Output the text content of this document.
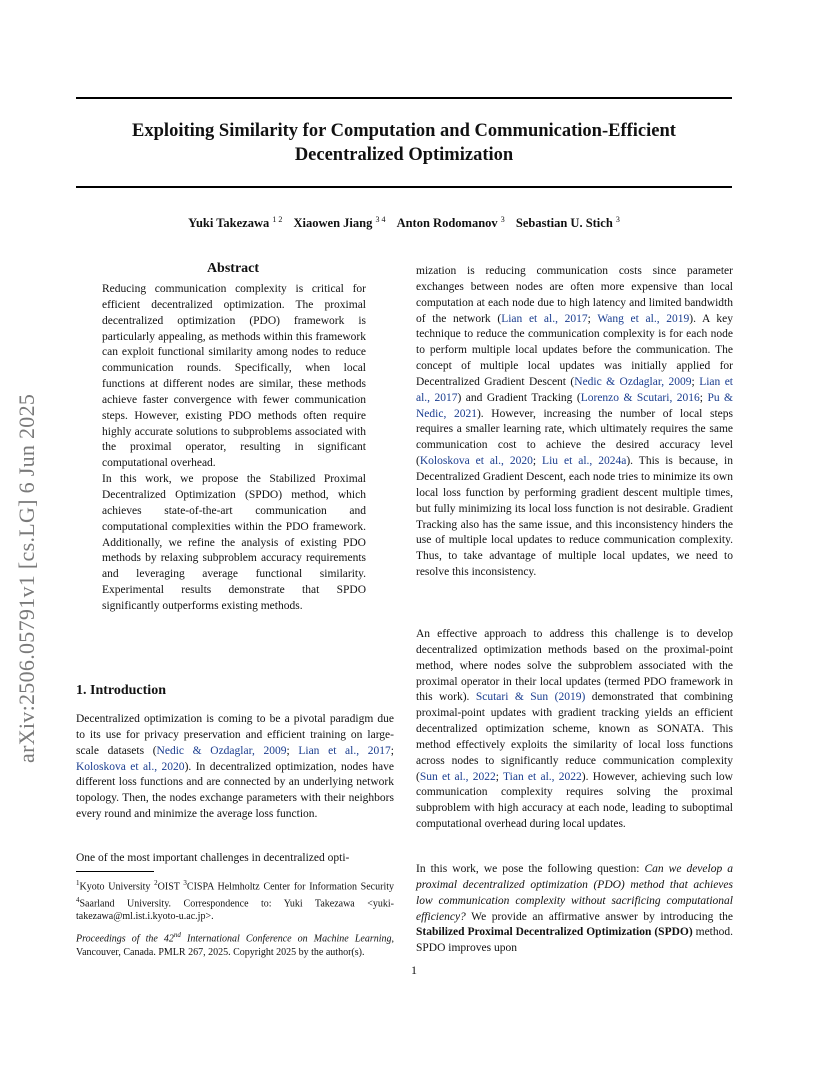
Exploiting Similarity for Computation and Communication-Efficient
Decentralized Optimization
Yuki Takezawa $^{1 2}$ Xiaowen Jiang $^{3 4}$ Anton Rodomanov $^3$ Sebastian U. Stich $^3$
arXiv:2506.05791v1 [cs.LG] 6 Jun 2025
Abstract

Reducing communication complexity is critical for efficient decentralized optimization. The proximal decentralized optimization (PDO) framework is particularly appealing, as methods within this framework can exploit functional similarity among nodes to reduce communication rounds. Specifically, when local functions at different nodes are similar, these methods achieve faster convergence with fewer communication steps. However, existing PDO methods often require highly accurate solutions to subproblems associated with the proximal operator, resulting in significant computational overhead.

In this work, we propose the Stabilized Proximal Decentralized Optimization (SPDO) method, which achieves state-of-the-art communication and computational complexities within the PDO framework. Additionally, we refine the analysis of existing PDO methods by relaxing subproblem accuracy requirements and leveraging average functional similarity. Experimental results demonstrate that SPDO significantly outperforms existing methods.

1. Introduction

Decentralized optimization is coming to be a pivotal paradigm due to its use for privacy preservation and efficient training on large-scale datasets (Nedic & Ozdaglar, 2009; Lian et al., 2017; Koloskova et al., 2020). In decentralized optimization, nodes have different loss functions and are connected by an underlying network topology. Then, the nodes exchange parameters with their neighbors every round and minimize the average loss function.

One of the most important challenges in decentralized opti-

$^1$Kyoto University $^2$OIST $^3$CISPA Helmholtz Center for Information Security $^4$Saarland University. Correspondence to: Yuki Takezawa <yuki-takezawa@ml.ist.i.kyoto-u.ac.jp>.
Proceedings of the 42nd International Conference on Machine Learning, Vancouver, Canada. PMLR 267, 2025. Copyright 2025 by the author(s).

mization is reducing communication costs since parameter exchanges between nodes are often more expensive than local computation at each node due to high latency and limited bandwidth of the network (Lian et al., 2017; Wang et al., 2019). A key technique to reduce the communication complexity is for each node to perform multiple local updates before the communication. The concept of multiple local updates was initially applied for Decentralized Gradient Descent (Nedic & Ozdaglar, 2009; Lian et al., 2017) and Gradient Tracking (Lorenzo & Scutari, 2016; Pu & Nedic, 2021). However, increasing the number of local steps requires a smaller learning rate, which ultimately requires the same communication cost to achieve the desired accuracy level (Koloskova et al., 2020; Liu et al., 2024a). This is because, in Decentralized Gradient Descent, each node tries to minimize its own local loss function by performing gradient descent multiple times, but fully minimizing its local loss function is not desirable. Gradient Tracking also has the same issue, and this inconsistency hinders the use of multiple local updates to reduce communication complexity. Thus, to take advantage of multiple local updates, we need to resolve this inconsistency.

An effective approach to address this challenge is to develop decentralized optimization methods based on the proximal-point method, where nodes solve the subproblem associated with the proximal operator in their local updates (termed PDO framework in this work). Scutari & Sun (2019) demonstrated that combining proximal-point updates with gradient tracking yields an efficient decentralized optimization scheme, known as SONATA. This method effectively exploits the similarity of local loss functions across nodes to significantly reduce communication complexity (Sun et al., 2022; Tian et al., 2022). However, achieving such low communication complexity requires solving the proximal subproblem with high accuracy at each node, leading to suboptimal computational overhead during local updates.

In this work, we pose the following question: Can we develop a proximal decentralized optimization (PDO) method that achieves low communication complexity without sacrificing computational efficiency? We provide an affirmative answer by introducing the Stabilized Proximal Decentralized Optimization (SPDO) method. SPDO improves upon

1
